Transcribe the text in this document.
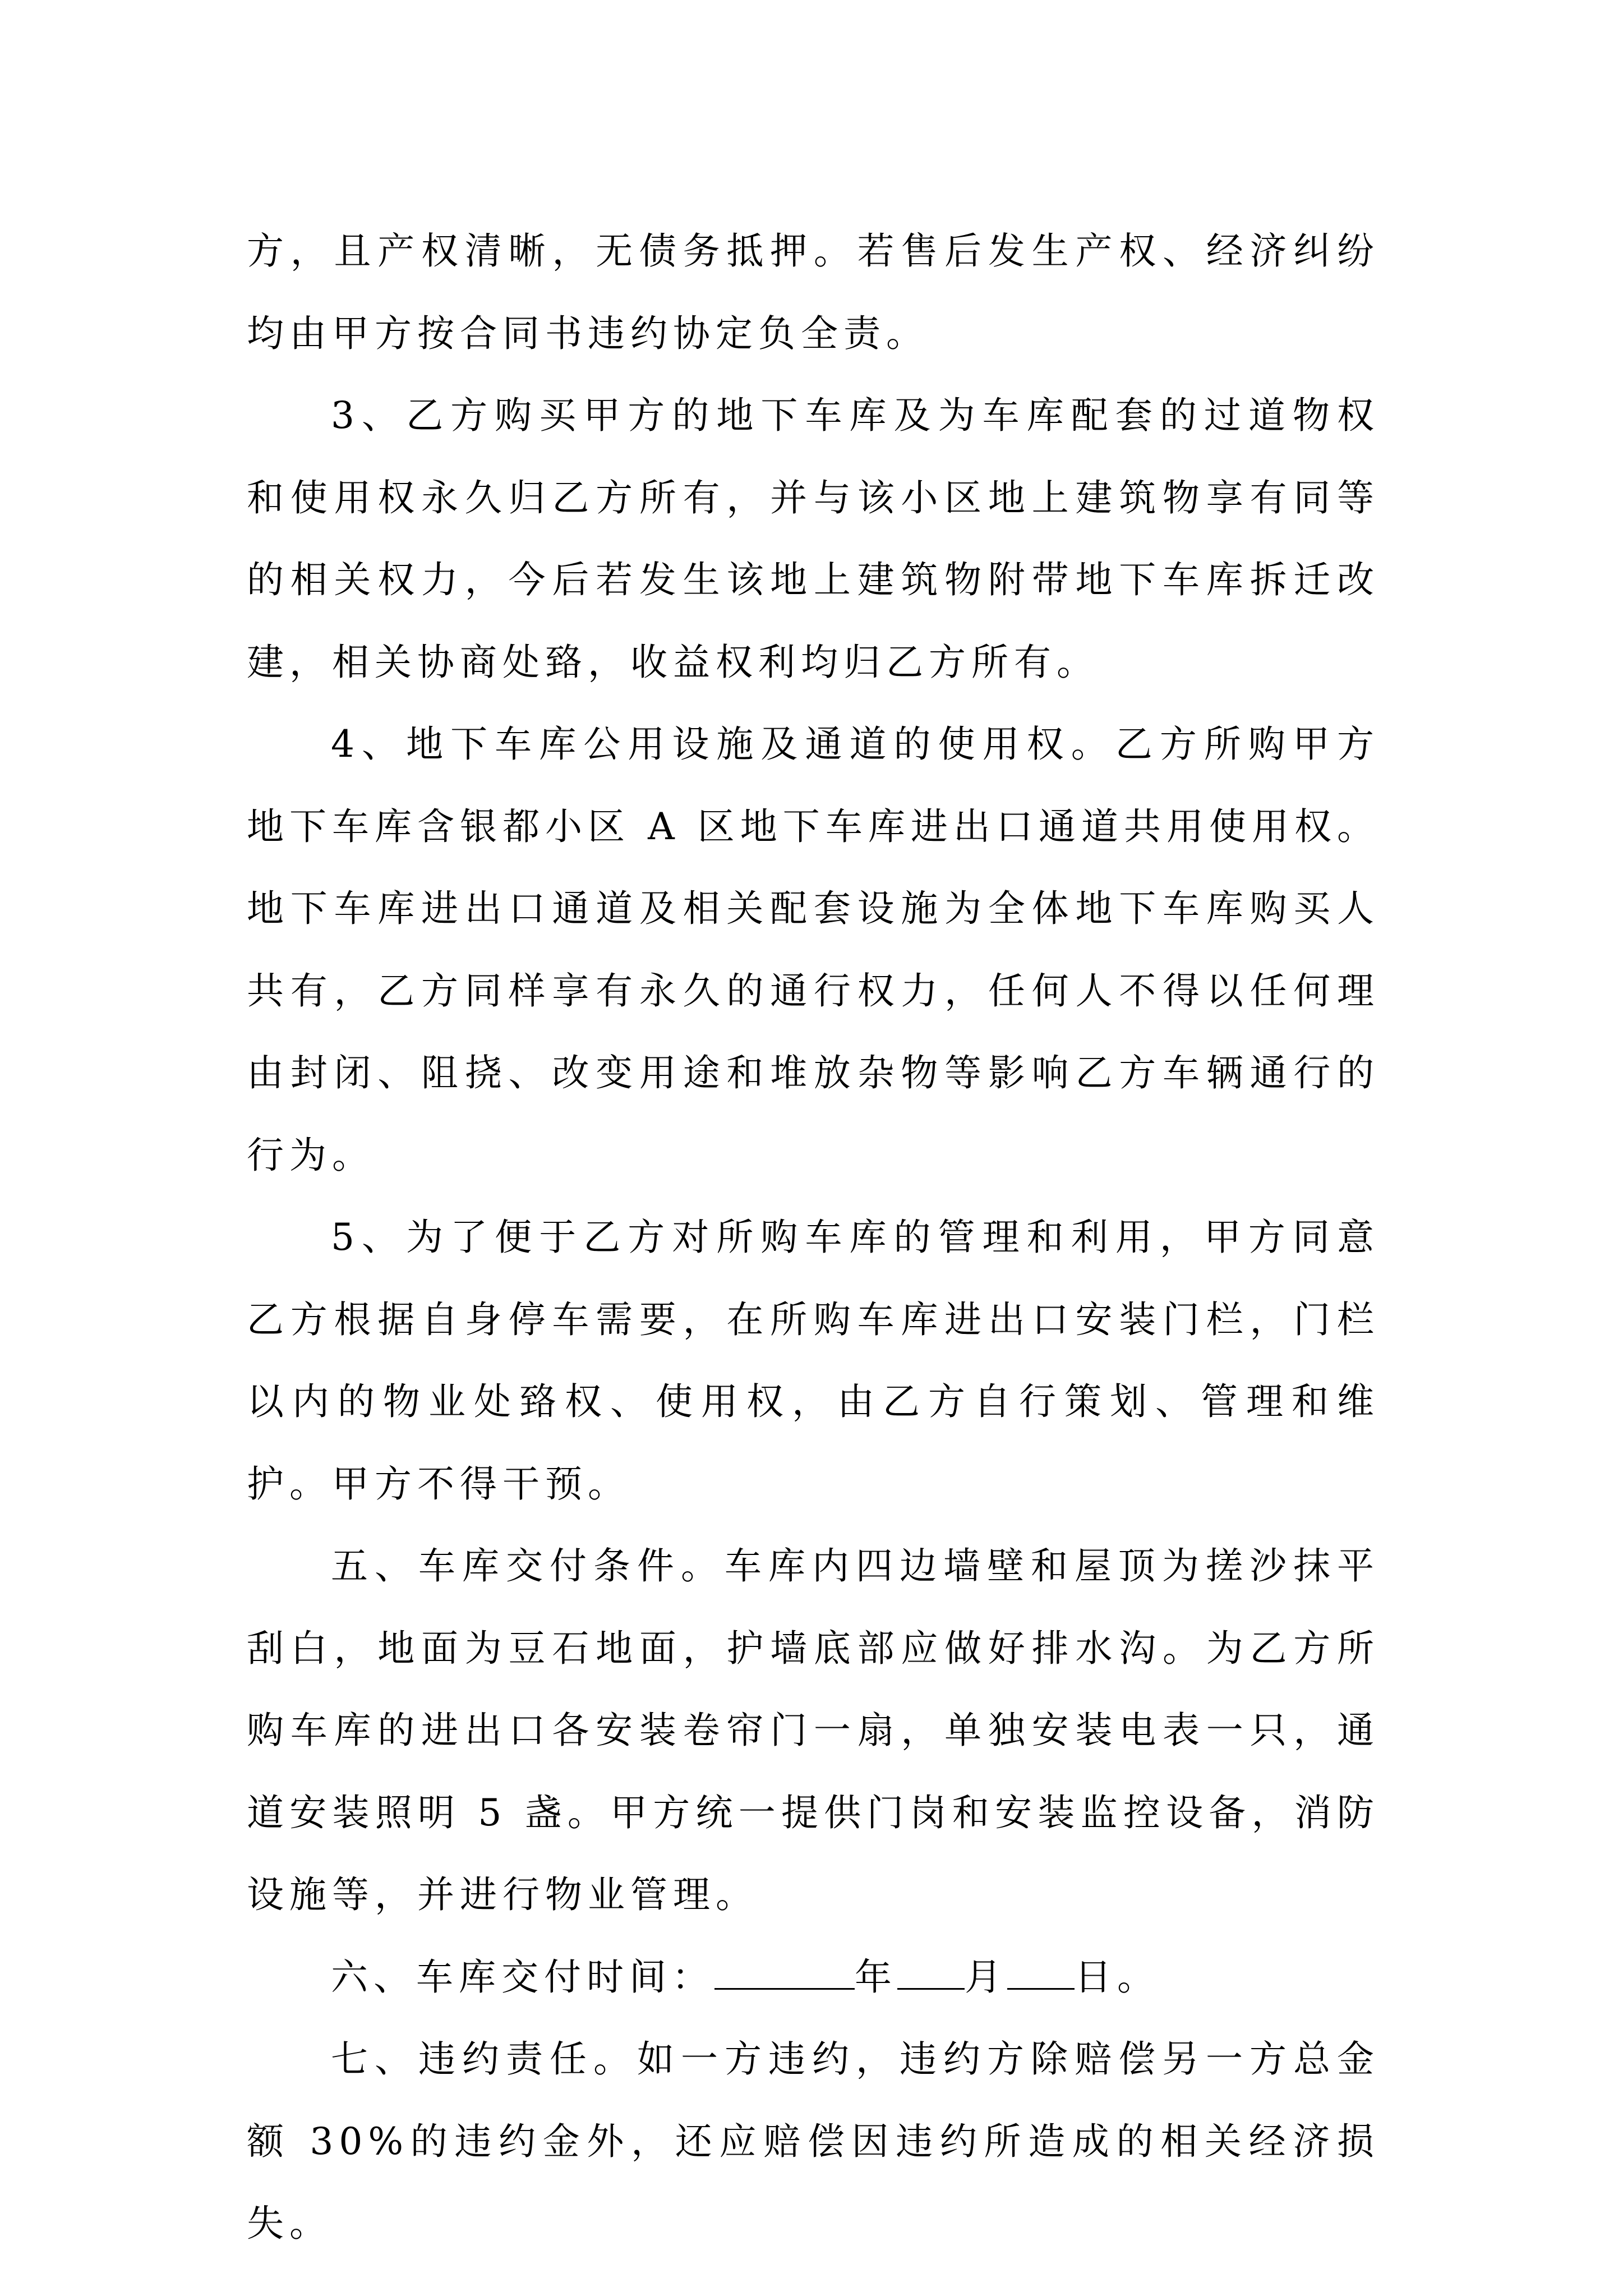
方，且产权清晰，无债务抵押。若售后发生产权、经济纠纷均由甲方按合同书违约协定负全责。

3、乙方购买甲方的地下车库及为车库配套的过道物权和使用权永久归乙方所有，并与该小区地上建筑物享有同等的相关权力，今后若发生该地上建筑物附带地下车库拆迁改建，相关协商处臵，收益权利均归乙方所有。

4、地下车库公用设施及通道的使用权。乙方所购甲方地下车库含银都小区 A 区地下车库进出口通道共用使用权。地下车库进出口通道及相关配套设施为全体地下车库购买人共有，乙方同样享有永久的通行权力，任何人不得以任何理由封闭、阻挠、改变用途和堆放杂物等影响乙方车辆通行的行为。

5、为了便于乙方对所购车库的管理和利用，甲方同意乙方根据自身停车需要，在所购车库进出口安装门栏，门栏以内的物业处臵权、使用权，由乙方自行策划、管理和维护。甲方不得干预。

五、车库交付条件。车库内四边墙壁和屋顶为搓沙抹平刮白，地面为豆石地面，护墙底部应做好排水沟。为乙方所购车库的进出口各安装卷帘门一扇，单独安装电表一只，通道安装照明 5 盏。甲方统一提供门岗和安装监控设备，消防设施等，并进行物业管理。

六、车库交付时间：	年 月 日。

七、违约责任。如一方违约，违约方除赔偿另一方总金额 30%的违约金外，还应赔偿因违约所造成的相关经济损失。
